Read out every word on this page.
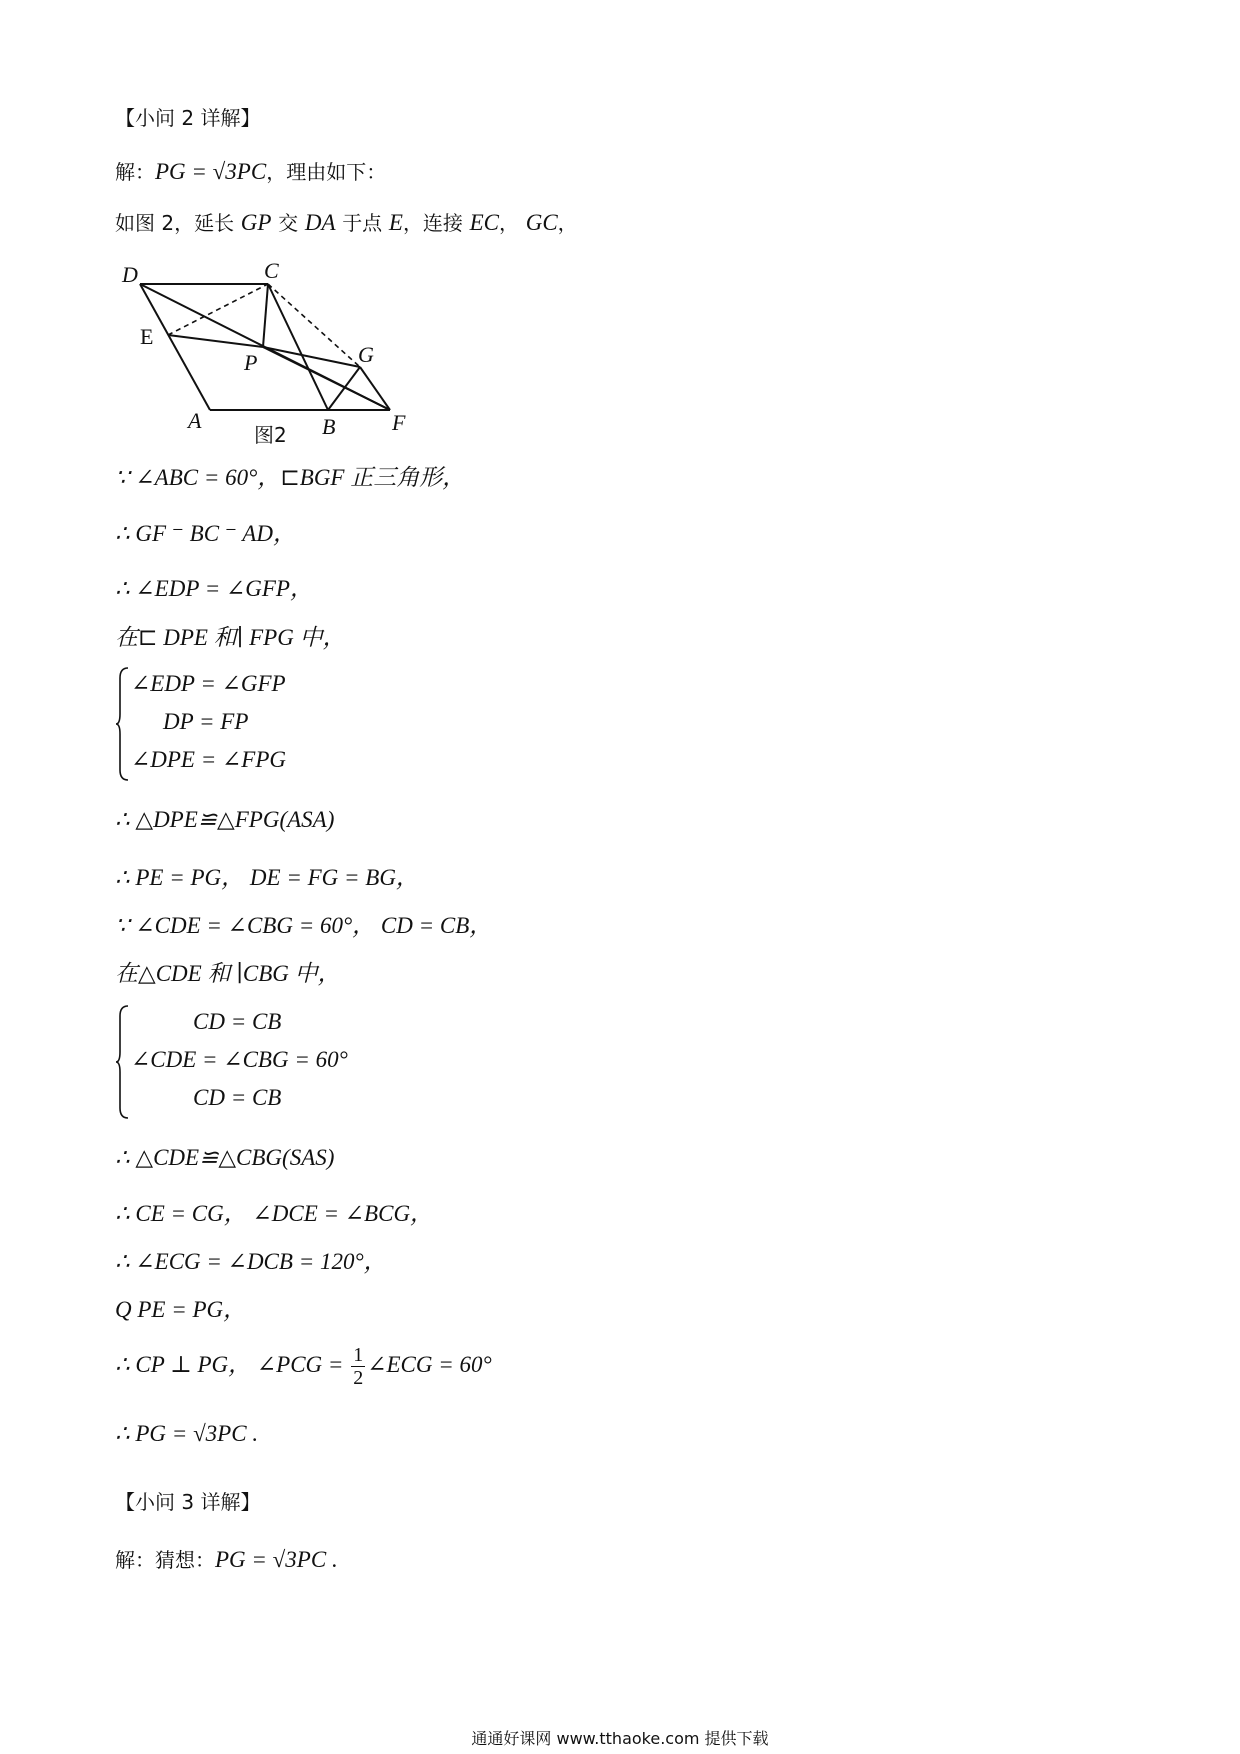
【小问 2 详解】
解：PG = √3PC，理由如下：
如图 2，延长 GP 交 DA 于点 E，连接 EC， GC，
D	C
E
P	G
A	B	F
图2
∵ ∠ABC = 60°，⊏BGF 正三角形，
∴ GF ⁻ BC ⁻ AD，
∴ ∠EDP = ∠GFP，
在⊏ DPE 和∣ FPG 中，
∠EDP = ∠GFP
DP = FP
∠DPE = ∠FPG
∴ △DPE≌△FPG(ASA)
∴ PE = PG， DE = FG = BG，
∵ ∠CDE = ∠CBG = 60°， CD = CB，
在△CDE 和 ∣CBG 中，
CD = CB
∠CDE = ∠CBG = 60°
CD = CB
∴ △CDE≌△CBG(SAS)
∴ CE = CG， ∠DCE = ∠BCG，
∴ ∠ECG = ∠DCB = 120°，
Q PE = PG，
∴ CP ⊥ PG， ∠PCG = $\frac{1}{2}$ ∠ECG = 60°
∴ PG = √3PC .
【小问 3 详解】
解：猜想：PG = √3PC .
通通好课网 www.tthaoke.com 提供下载
